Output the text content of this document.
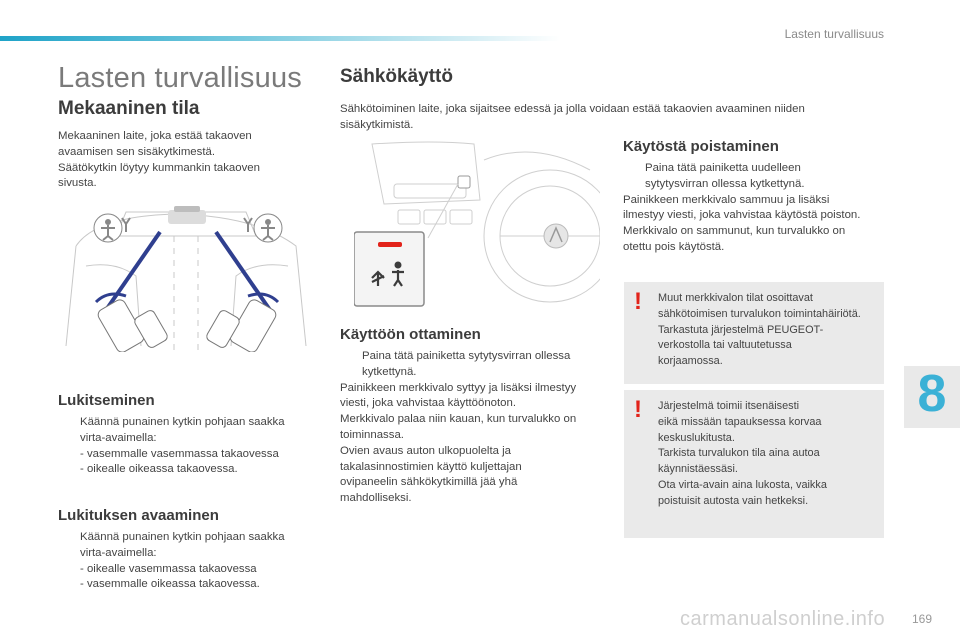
Lasten turvallisuus
Lasten turvallisuus
Mekaaninen tila

Mekaaninen laite, joka estää takaoven

avaamisen sen sisäkytkimestä.

Säätökytkin löytyy kummankin takaoven

sivusta.

Lukitseminen

Käännä punainen kytkin pohjaan saakka

virta-avaimella:

- vasemmalle vasemmassa takaovessa

- oikealle oikeassa takaovessa.

Lukituksen avaaminen

Käännä punainen kytkin pohjaan saakka

virta-avaimella:

- oikealle vasemmassa takaovessa

- vasemmalle oikeassa takaovessa.

Sähkökäyttö

Sähkötoiminen laite, joka sijaitsee edessä ja jolla voidaan estää takaovien avaaminen niiden

sisäkytkimistä.

Käyttöön ottaminen

Paina tätä painiketta sytytysvirran ollessa

kytkettynä.

Painikkeen merkkivalo syttyy ja lisäksi ilmestyy

viesti, joka vahvistaa käyttöönoton.

Merkkivalo palaa niin kauan, kun turvalukko on

toiminnassa.

Ovien avaus auton ulkopuolelta ja

takalasinnostimien käyttö kuljettajan

ovipaneelin sähkökytkimillä jää yhä

mahdolliseksi.

Käytöstä poistaminen

Paina tätä painiketta uudelleen

sytytysvirran ollessa kytkettynä.

Painikkeen merkkivalo sammuu ja lisäksi

ilmestyy viesti, joka vahvistaa käytöstä poiston.

Merkkivalo on sammunut, kun turvalukko on

otettu pois käytöstä.

! Muut merkkivalon tilat osoittavat

sähkötoimisen turvalukon toimintahäiriötä.

Tarkastuta järjestelmä PEUGEOT-

verkostolla tai valtuutetussa

korjaamossa.

! Järjestelmä toimii itsenäisesti

eikä missään tapauksessa korvaa

keskuslukitusta.

Tarkista turvalukon tila aina autoa

käynnistäessäsi.

Ota virta-avain aina lukosta, vaikka

poistuisit autosta vain hetkeksi.

8
carmanualsonline.info 169
